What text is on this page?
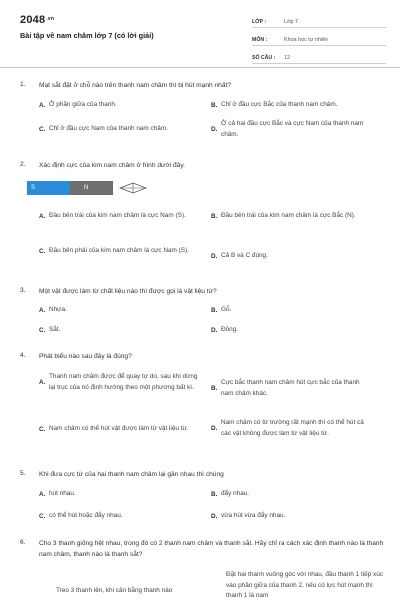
$2048^{.vn}$
Bài tập về nam châm lớp 7 (có lời giải)
LỚP :	Lớp 7
MÔN :	Khoa học tự nhiên
SỐ CÂU :	12
1. Mạt sắt đặt ở chỗ nào trên thanh nam châm thì bị hút mạnh nhất?
A. Ở phần giữa của thanh.	B. Chỉ ở đầu cực Bắc của thanh nam châm.
C. Chỉ ở đầu cực Nam của thanh nam châm.	D.
Ở cả hai đầu cực Bắc và cực Nam của thanh nam châm.
2. Xác định cực của kim nam châm ở hình dưới đây.
S	N
A. Đầu bên trái của kim nam châm là cực Nam (S).	B. Đầu bên trái của kim nam châm là cực Bắc (N).
C. Đầu bên phải của kim nam châm là cực Nam (S).
D. Cả B và C đúng.
3. Một vật được làm từ chất liệu nào thì được gọi là vật liệu từ?
A. Nhựa.	B. Gỗ.
C. Sắt.	D. Đồng.
4. Phát biểu nào sau đây là đúng?
A.
Thanh nam châm được để quay tự do, sau khi dừng lại trục của nó định hướng theo một phương bất kì.	B.
Cực bắc thanh nam châm hút cực bắc của thanh nam châm khác.
C. Nam châm có thể hút vật được làm từ vật liệu từ.	D.
Nam châm có từ trường rất mạnh thì có thể hút cả các vật không được làm từ vật liệu từ.
5. Khi đưa cực từ của hai thanh nam châm lại gần nhau thì chúng
A. hút nhau.	B. đẩy nhau.
C. có thể hút hoặc đẩy nhau.	D. vừa hút vừa đẩy nhau.
6. Cho 3 thanh giống hệt nhau, trong đó có 2 thanh nam châm và thanh sắt. Hãy chỉ ra cách xác định thanh nào là thanh nam châm, thanh nào là thanh sắt?
Treo 3 thanh lên, khi cân bằng thanh nào
Đặt hai thanh vuông góc với nhau, đầu thanh 1 tiếp xúc vào phần giữa của thanh 2, nếu có lực hút mạnh thì thanh 1 là nam
